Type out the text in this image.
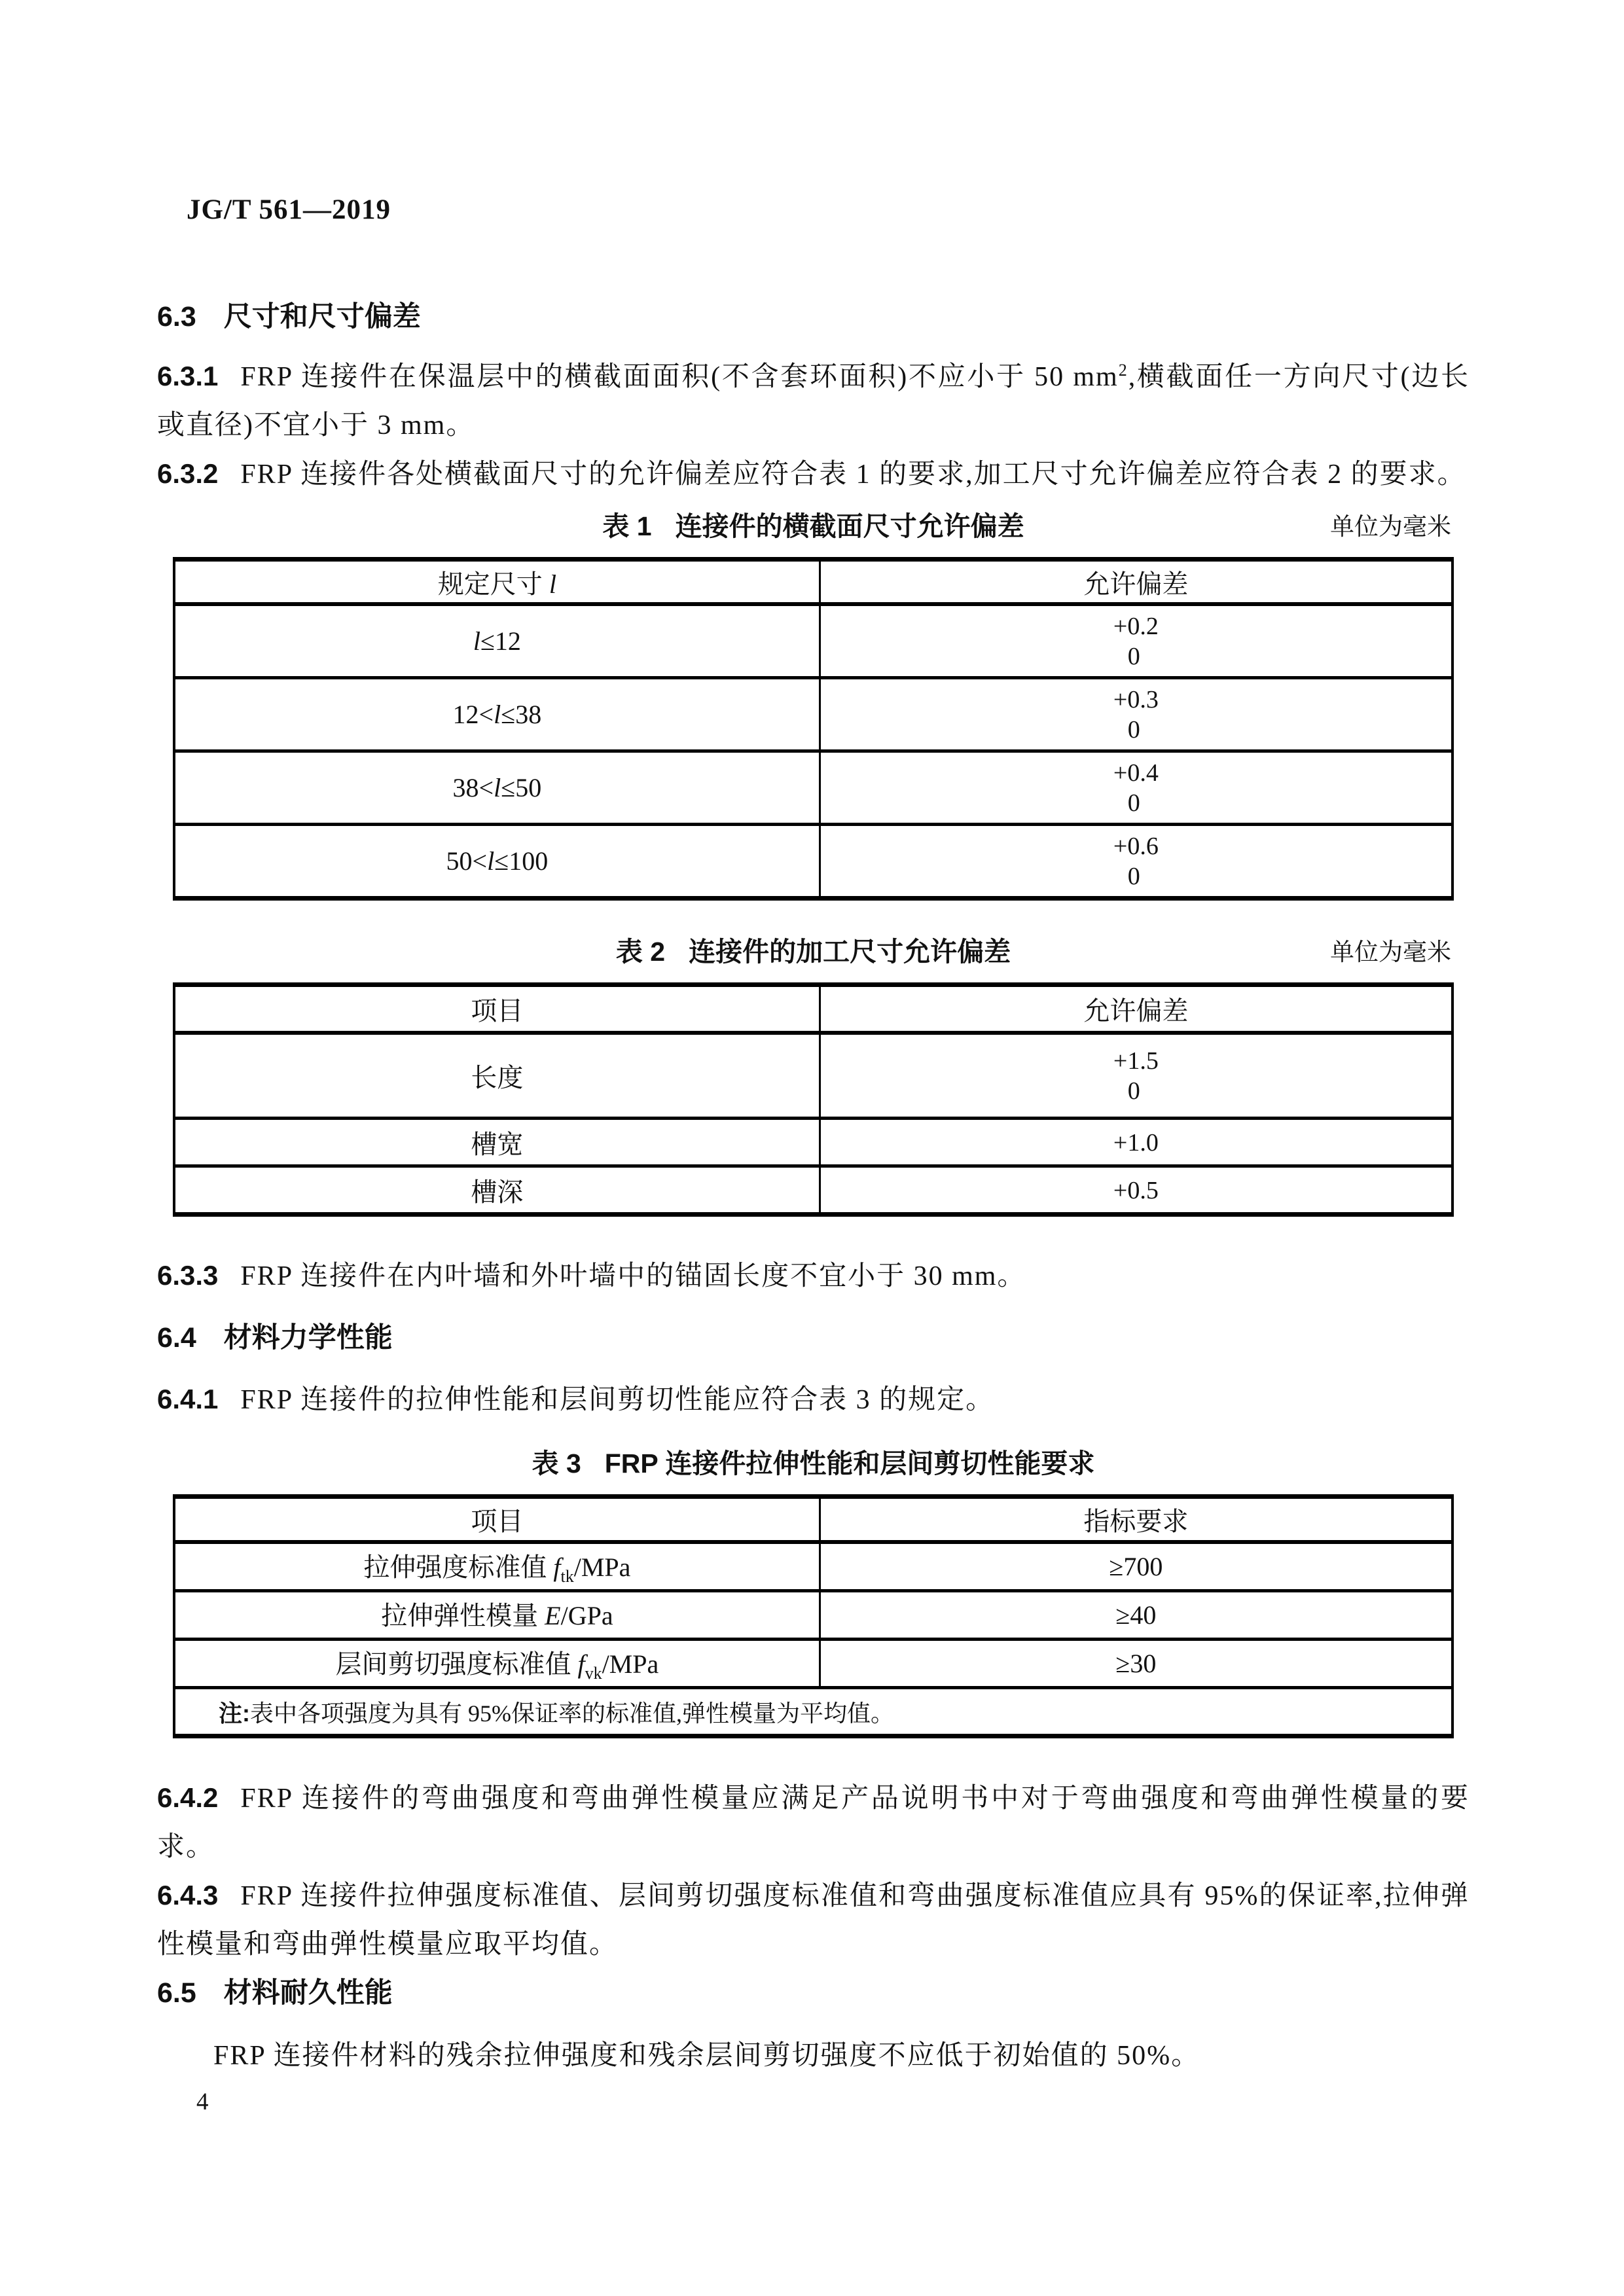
JG/T 561—2019
6.3 尺寸和尺寸偏差

6.3.1 FRP 连接件在保温层中的横截面面积(不含套环面积)不应小于 50 $mm^2$,横截面任一方向尺寸(边长或直径)不宜小于 3 mm。

6.3.2 FRP 连接件各处横截面尺寸的允许偏差应符合表 1 的要求,加工尺寸允许偏差应符合表 2 的要求。

表 1 连接件的横截面尺寸允许偏差	单位为毫米
规定尺寸 l	允许偏差
l≤12	+0.2
0

12<l≤38	+0.3
0

38<l≤50	+0.4
0

50<l≤100	+0.6
0
表 2 连接件的加工尺寸允许偏差	单位为毫米
项目	允许偏差
长度	+1.5
0

槽宽	+1.0

槽深	+0.5

6.3.3 FRP 连接件在内叶墙和外叶墙中的锚固长度不宜小于 30 mm。

6.4 材料力学性能

6.4.1 FRP 连接件的拉伸性能和层间剪切性能应符合表 3 的规定。

表 3 FRP 连接件拉伸性能和层间剪切性能要求
项目	指标要求
拉伸强度标准值 $f_{tk}$/MPa	≥700
拉伸弹性模量 E/GPa	≥40
层间剪切强度标准值 $f_{vk}$/MPa	≥30
注:表中各项强度为具有 95%保证率的标准值,弹性模量为平均值。	

6.4.2 FRP 连接件的弯曲强度和弯曲弹性模量应满足产品说明书中对于弯曲强度和弯曲弹性模量的要求。

6.4.3 FRP 连接件拉伸强度标准值、层间剪切强度标准值和弯曲强度标准值应具有 95%的保证率,拉伸弹性模量和弯曲弹性模量应取平均值。

6.5 材料耐久性能

FRP 连接件材料的残余拉伸强度和残余层间剪切强度不应低于初始值的 50%。

4
